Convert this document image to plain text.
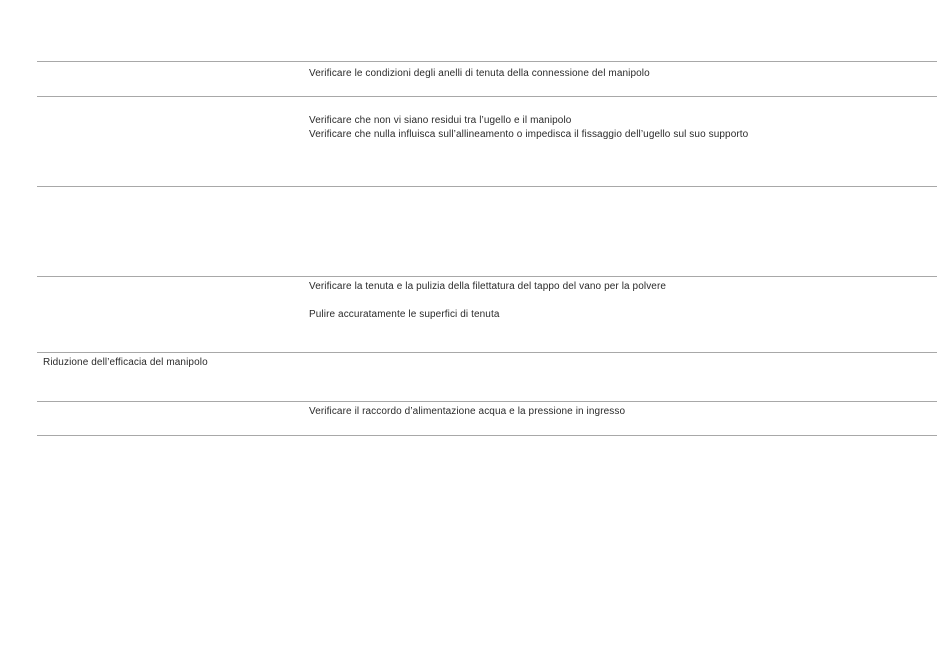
Verificare le condizioni degli anelli di tenuta della connessione del manipolo

Verificare che non vi siano residui tra l’ugello e il manipolo

Verificare che nulla influisca sull’allineamento o impedisca il fissaggio dell’ugello sul suo supporto

Verificare la tenuta e la pulizia della filettatura del tappo del vano per la polvere

Pulire accuratamente le superfici di tenuta

Riduzione dell’efficacia del manipolo

Verificare il raccordo d’alimentazione acqua e la pressione in ingresso
